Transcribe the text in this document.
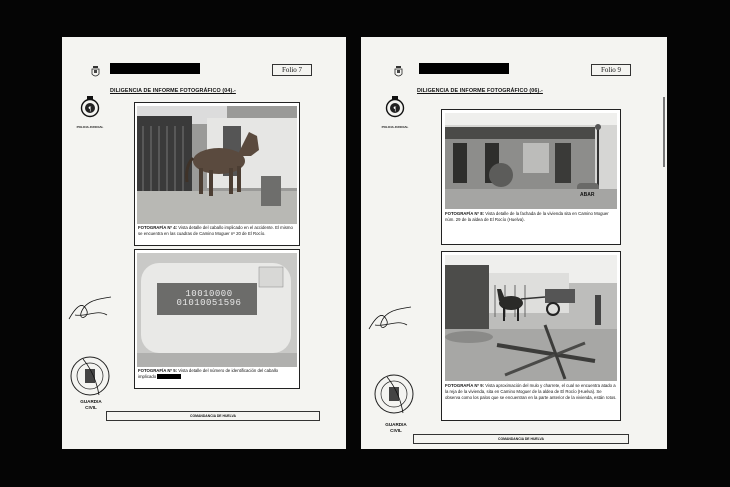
Folio 7
DILIGENCIA DE INFORME FOTOGRÁFICO (04).-
¶
POLICIA JUDICIAL
FOTOGRAFÍA Nº 4: Vista detalle del caballo implicado en el accidente. El mismo se encuentra en las cuadras de Camino Moguer nº 20 de El Rocío.
10010000
01010051596
FOTOGRAFÍA Nº 5: Vista detalle del número de identificación del caballo implicado
GUARDIA
CIVIL
COMANDANCIA DE HUELVA
Folio 9
DILIGENCIA DE INFORME FOTOGRÁFICO (06).-
¶
POLICIA JUDICIAL
ABAR
FOTOGRAFÍA Nº 8: Vista detalle de la fachada de la vivienda sita en Camino Moguer núm. 29 de la aldea de El Rocío (Huelva).
FOTOGRAFÍA Nº 9: Vista aproximación del mulo y charrete, el cual se encuentra atado a la reja de la vivienda, sita en Camino Moguer de la aldea de El Rocío (Huelva). Se observa como los palos que se encuentran en la parte anterior de la vivienda, están rotos.
GUARDIA
CIVIL
COMANDANCIA DE HUELVA
